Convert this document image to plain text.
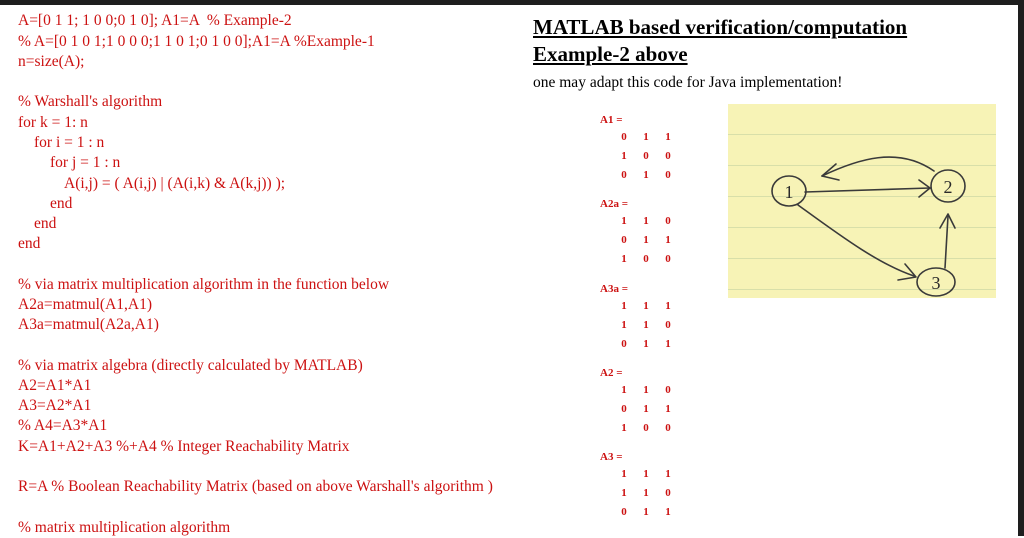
A=[0 1 1; 1 0 0;0 1 0]; A1=A  % Example-2
% A=[0 1 0 1;1 0 0 0;1 1 0 1;0 1 0 0];A1=A %Example-1
n=size(A);
% Warshall's algorithm
for k = 1: n
for i = 1 : n
for j = 1 : n
A(i,j) = ( A(i,j) | (A(i,k) & A(k,j)) );
end
end
end
% via matrix multiplication algorithm in the function below
A2a=matmul(A1,A1)
A3a=matmul(A2a,A1)
% via matrix algebra (directly calculated by MATLAB)
A2=A1*A1
A3=A2*A1
% A4=A3*A1
K=A1+A2+A3 %+A4 % Integer Reachability Matrix
R=A % Boolean Reachability Matrix (based on above Warshall's algorithm )
% matrix multiplication algorithm
MATLAB based verification/computation
Example-2 above
one may adapt this code for Java implementation!
A1 =
0 1 1
1 0 0
0 1 0
A2a =
1 1 0
0 1 1
1 0 0
A3a =
1 1 1
1 1 0
0 1 1
A2 =
1 1 0
0 1 1
1 0 0
A3 =
1 1 1
1 1 0
0 1 1
1	2
3
